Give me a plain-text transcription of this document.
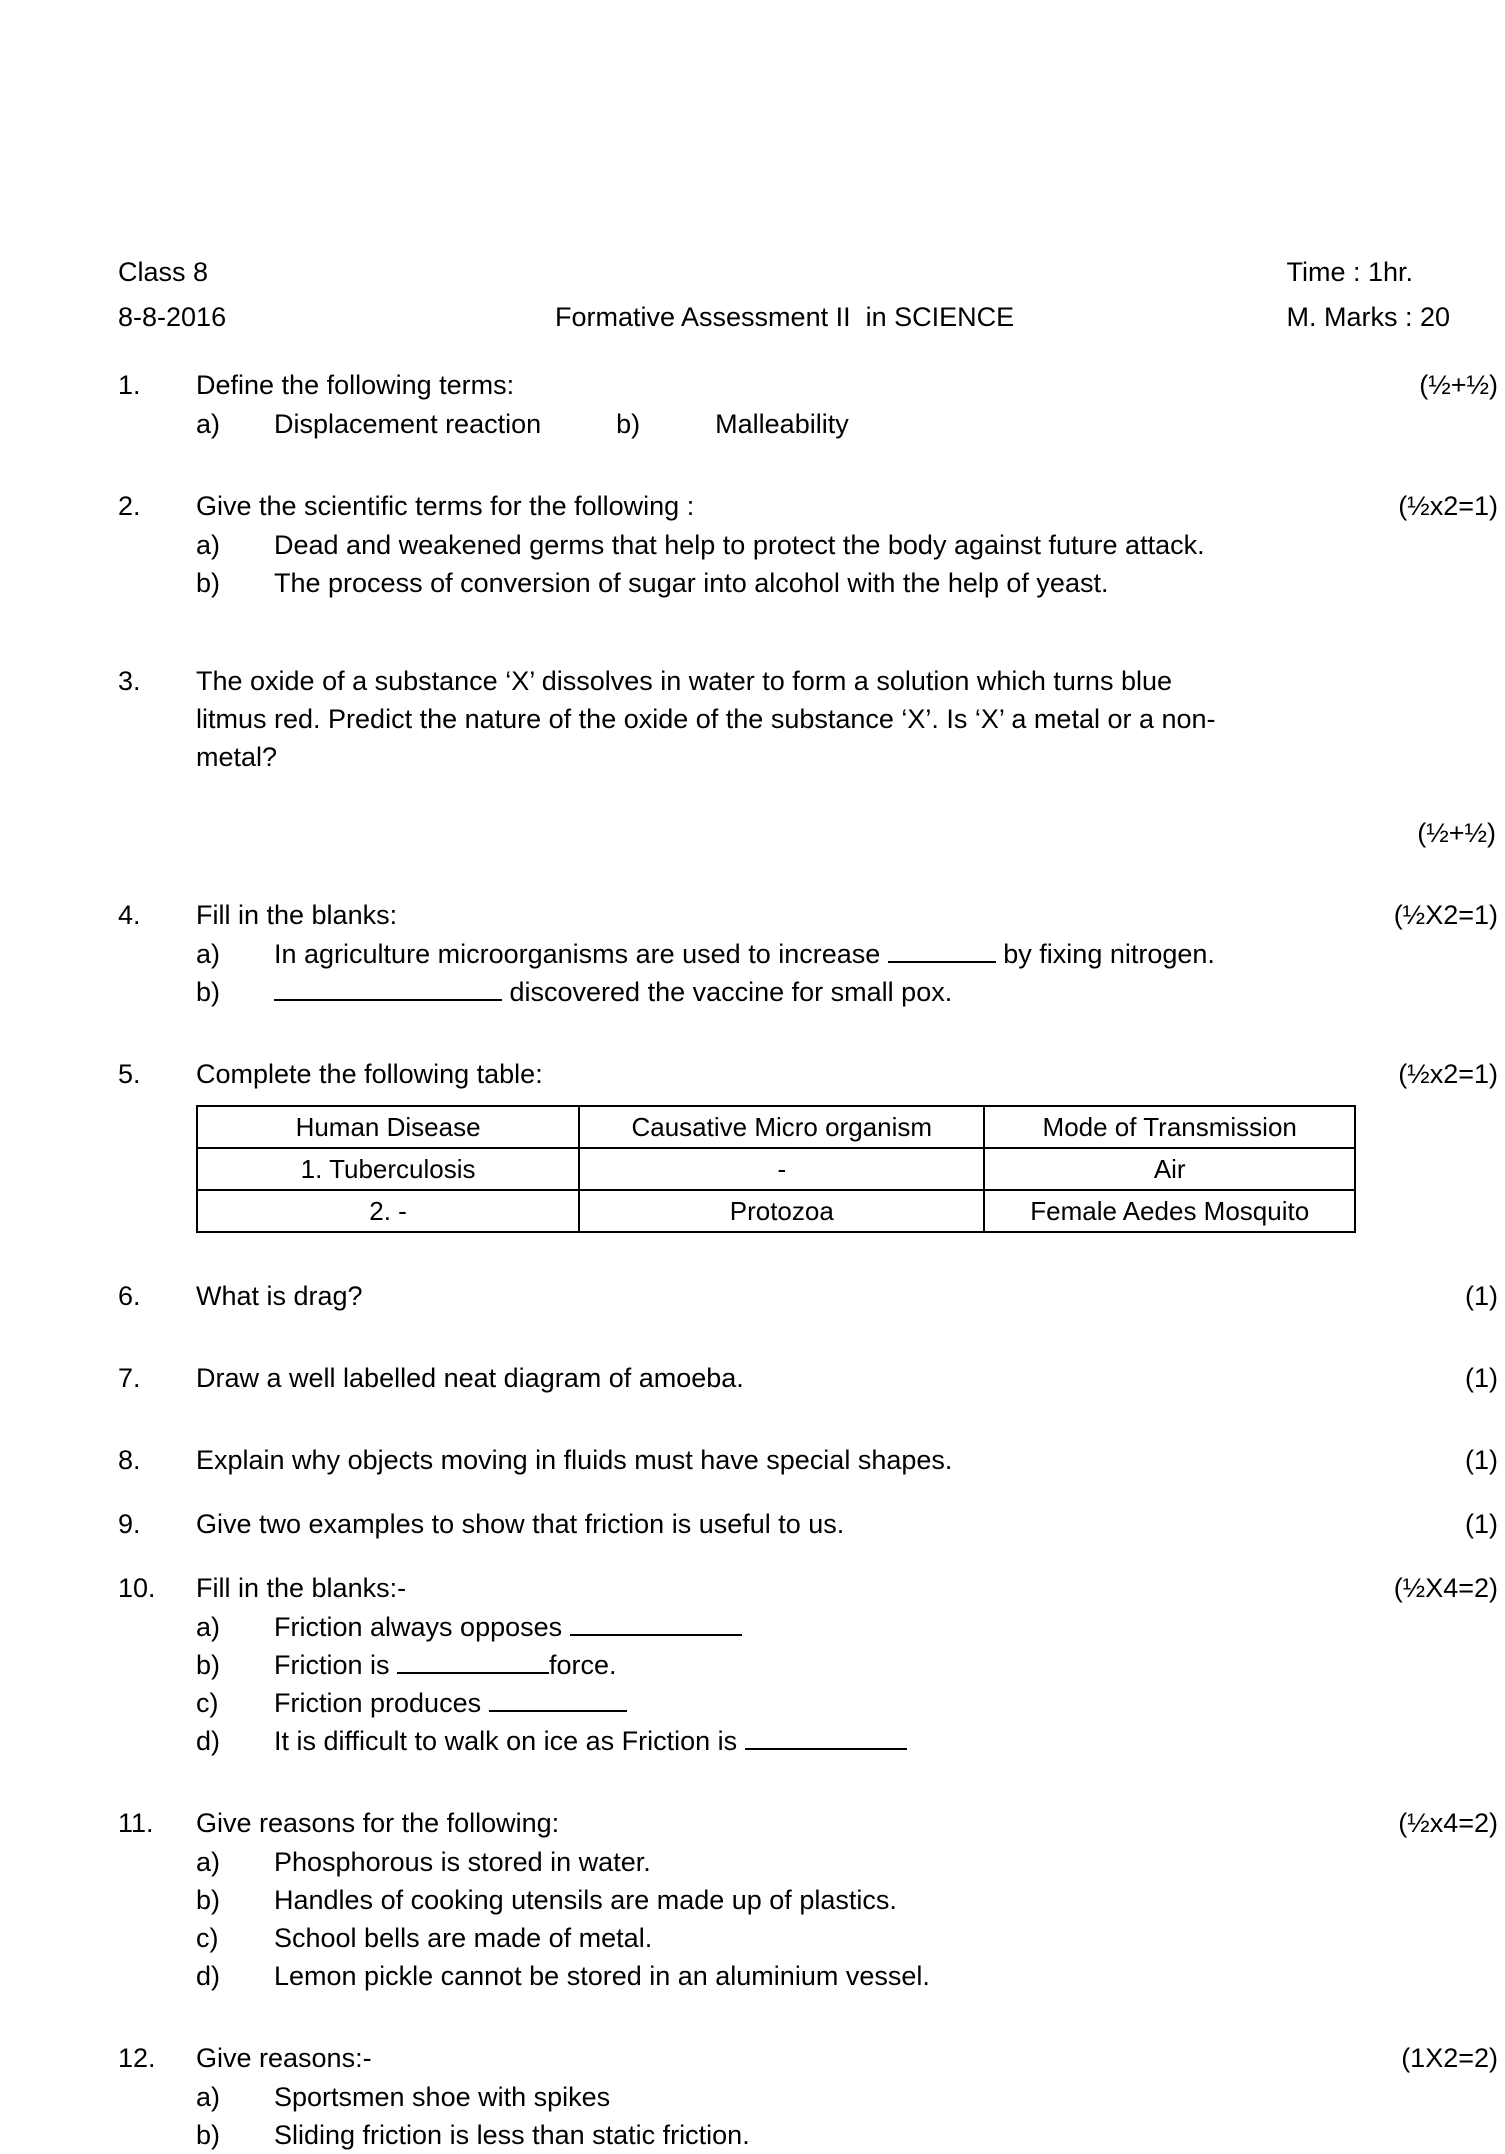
Class 8
8-8-2016	Formative Assessment II  in SCIENCE
Time : 1hr.
M. Marks : 20
1.	Define the following terms:	(½+½)
a)	Displacement reaction          b)          Malleability
2.	Give the scientific terms for the following :	(½x2=1)
a)	Dead and weakened germs that help to protect the body against future attack.
b)	The process of conversion of sugar into alcohol with the help of yeast.
3.	The oxide of a substance ‘X’ dissolves in water to form a solution which turns blue litmus red. Predict the nature of the oxide of the substance ‘X’. Is ‘X’ a metal or a non- metal?
(½+½)
4.	Fill in the blanks:	(½X2=1)
a)	In agriculture microorganisms are used to increase	by fixing nitrogen.
b)	discovered the vaccine for small pox.
5.	Complete the following table:	(½x2=1)
Human Disease	Causative Micro organism	Mode of Transmission
1. Tuberculosis	-	Air
2. -	Protozoa	Female Aedes Mosquito
6.	What is drag?	(1)
7.	Draw a well labelled neat diagram of amoeba.	(1)
8.	Explain why objects moving in fluids must have special shapes.	(1)
9.	Give two examples to show that friction is useful to us.	(1)
10.	Fill in the blanks:-	(½X4=2)
a)	Friction always opposes
b)	Friction is	force.
c)	Friction produces
d)	It is difficult to walk on ice as Friction is
11.	Give reasons for the following:	(½x4=2)
a)	Phosphorous is stored in water.
b)	Handles of cooking utensils are made up of plastics.
c)	School bells are made of metal.
d)	Lemon pickle cannot be stored in an aluminium vessel.
12.	Give reasons:-	(1X2=2)
a)	Sportsmen shoe with spikes
b)	Sliding friction is less than static friction.
